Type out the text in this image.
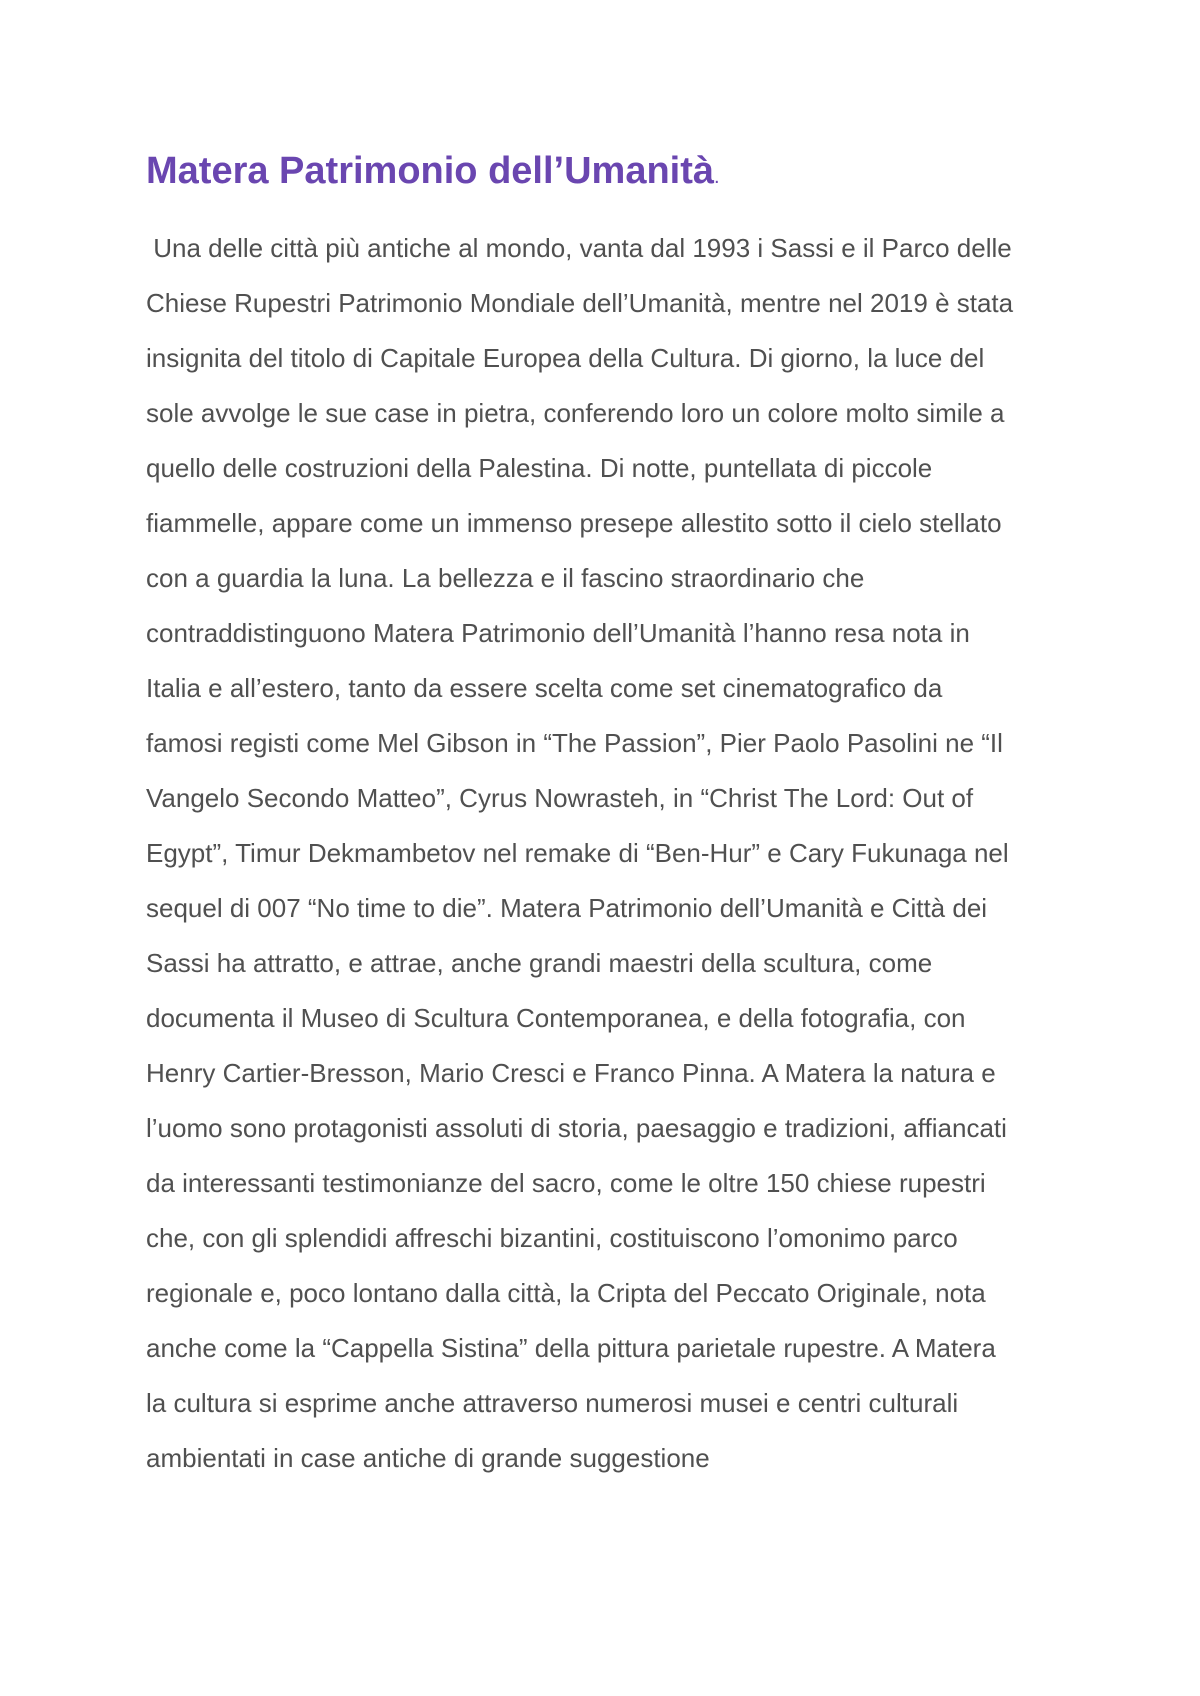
Matera Patrimonio dell’Umanità.
Una delle città più antiche al mondo, vanta dal 1993 i Sassi e il Parco delle
Chiese Rupestri Patrimonio Mondiale dell’Umanità, mentre nel 2019 è stata
insignita del titolo di Capitale Europea della Cultura. Di giorno, la luce del
sole avvolge le sue case in pietra, conferendo loro un colore molto simile a
quello delle costruzioni della Palestina. Di notte, puntellata di piccole
fiammelle, appare come un immenso presepe allestito sotto il cielo stellato
con a guardia la luna. La bellezza e il fascino straordinario che
contraddistinguono Matera Patrimonio dell’Umanità l’hanno resa nota in
Italia e all’estero, tanto da essere scelta come set cinematografico da
famosi registi come Mel Gibson in “The Passion”, Pier Paolo Pasolini ne “Il
Vangelo Secondo Matteo”, Cyrus Nowrasteh, in “Christ The Lord: Out of
Egypt”, Timur Dekmambetov nel remake di “Ben-Hur” e Cary Fukunaga nel
sequel di 007 “No time to die”. Matera Patrimonio dell’Umanità e Città dei
Sassi ha attratto, e attrae, anche grandi maestri della scultura, come
documenta il Museo di Scultura Contemporanea, e della fotografia, con
Henry Cartier-Bresson, Mario Cresci e Franco Pinna. A Matera la natura e
l’uomo sono protagonisti assoluti di storia, paesaggio e tradizioni, affiancati
da interessanti testimonianze del sacro, come le oltre 150 chiese rupestri
che, con gli splendidi affreschi bizantini, costituiscono l’omonimo parco
regionale e, poco lontano dalla città, la Cripta del Peccato Originale, nota
anche come la “Cappella Sistina” della pittura parietale rupestre. A Matera
la cultura si esprime anche attraverso numerosi musei e centri culturali
ambientati in case antiche di grande suggestione
